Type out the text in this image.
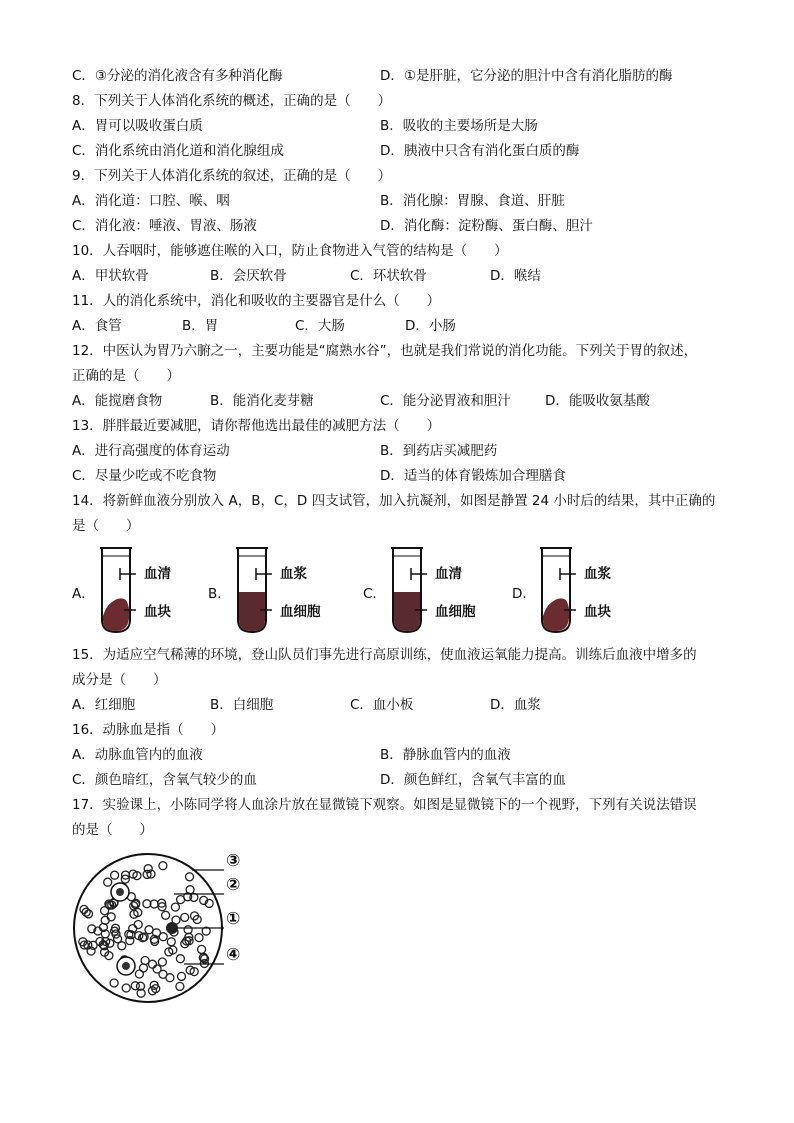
C．③分泌的消化液含有多种消化酶	D．①是肝脏，它分泌的胆汁中含有消化脂肪的酶
8．下列关于人体消化系统的概述，正确的是（　　）
A．胃可以吸收蛋白质	B．吸收的主要场所是大肠
C．消化系统由消化道和消化腺组成	D．胰液中只含有消化蛋白质的酶
9．下列关于人体消化系统的叙述，正确的是（　　）
A．消化道：口腔、喉、咽	B．消化腺：胃腺、食道、肝脏
C．消化液：唾液、胃液、肠液	D．消化酶：淀粉酶、蛋白酶、胆汁
10．人吞咽时，能够遮住喉的入口，防止食物进入气管的结构是（　　）
A．甲状软骨	B．会厌软骨	C．环状软骨	D．喉结
11．人的消化系统中，消化和吸收的主要器官是什么（　　）
A．食管	B．胃	C．大肠	D．小肠
12．中医认为胃乃六腑之一，主要功能是“腐熟水谷”，也就是我们常说的消化功能。下列关于胃的叙述，
正确的是（　　）
A．能搅磨食物	B．能消化麦芽糖	C．能分泌胃液和胆汁	D．能吸收氨基酸
13．胖胖最近要减肥，请你帮他选出最佳的减肥方法（　　）
A．进行高强度的体育运动	B．到药店买减肥药
C．尽量少吃或不吃食物	D．适当的体育锻炼加合理膳食
14．将新鲜血液分别放入 A，B，C，D 四支试管，加入抗凝剂，如图是静置 24 小时后的结果，其中正确的
是（　　）
A．
血清
血块
B．
血浆
血细胞
C．
血清
血细胞
D．
血浆
血块
15．为适应空气稀薄的环境，登山队员们事先进行高原训练，使血液运氧能力提高。训练后血液中增多的
成分是（　　）
A．红细胞	B．白细胞	C．血小板	D．血浆
16．动脉血是指（　　）
A．动脉血管内的血液	B．静脉血管内的血液
C．颜色暗红，含氧气较少的血	D．颜色鲜红，含氧气丰富的血
17．实验课上，小陈同学将人血涂片放在显微镜下观察。如图是显微镜下的一个视野，下列有关说法错误
的是（　　）
③
②
①
④
